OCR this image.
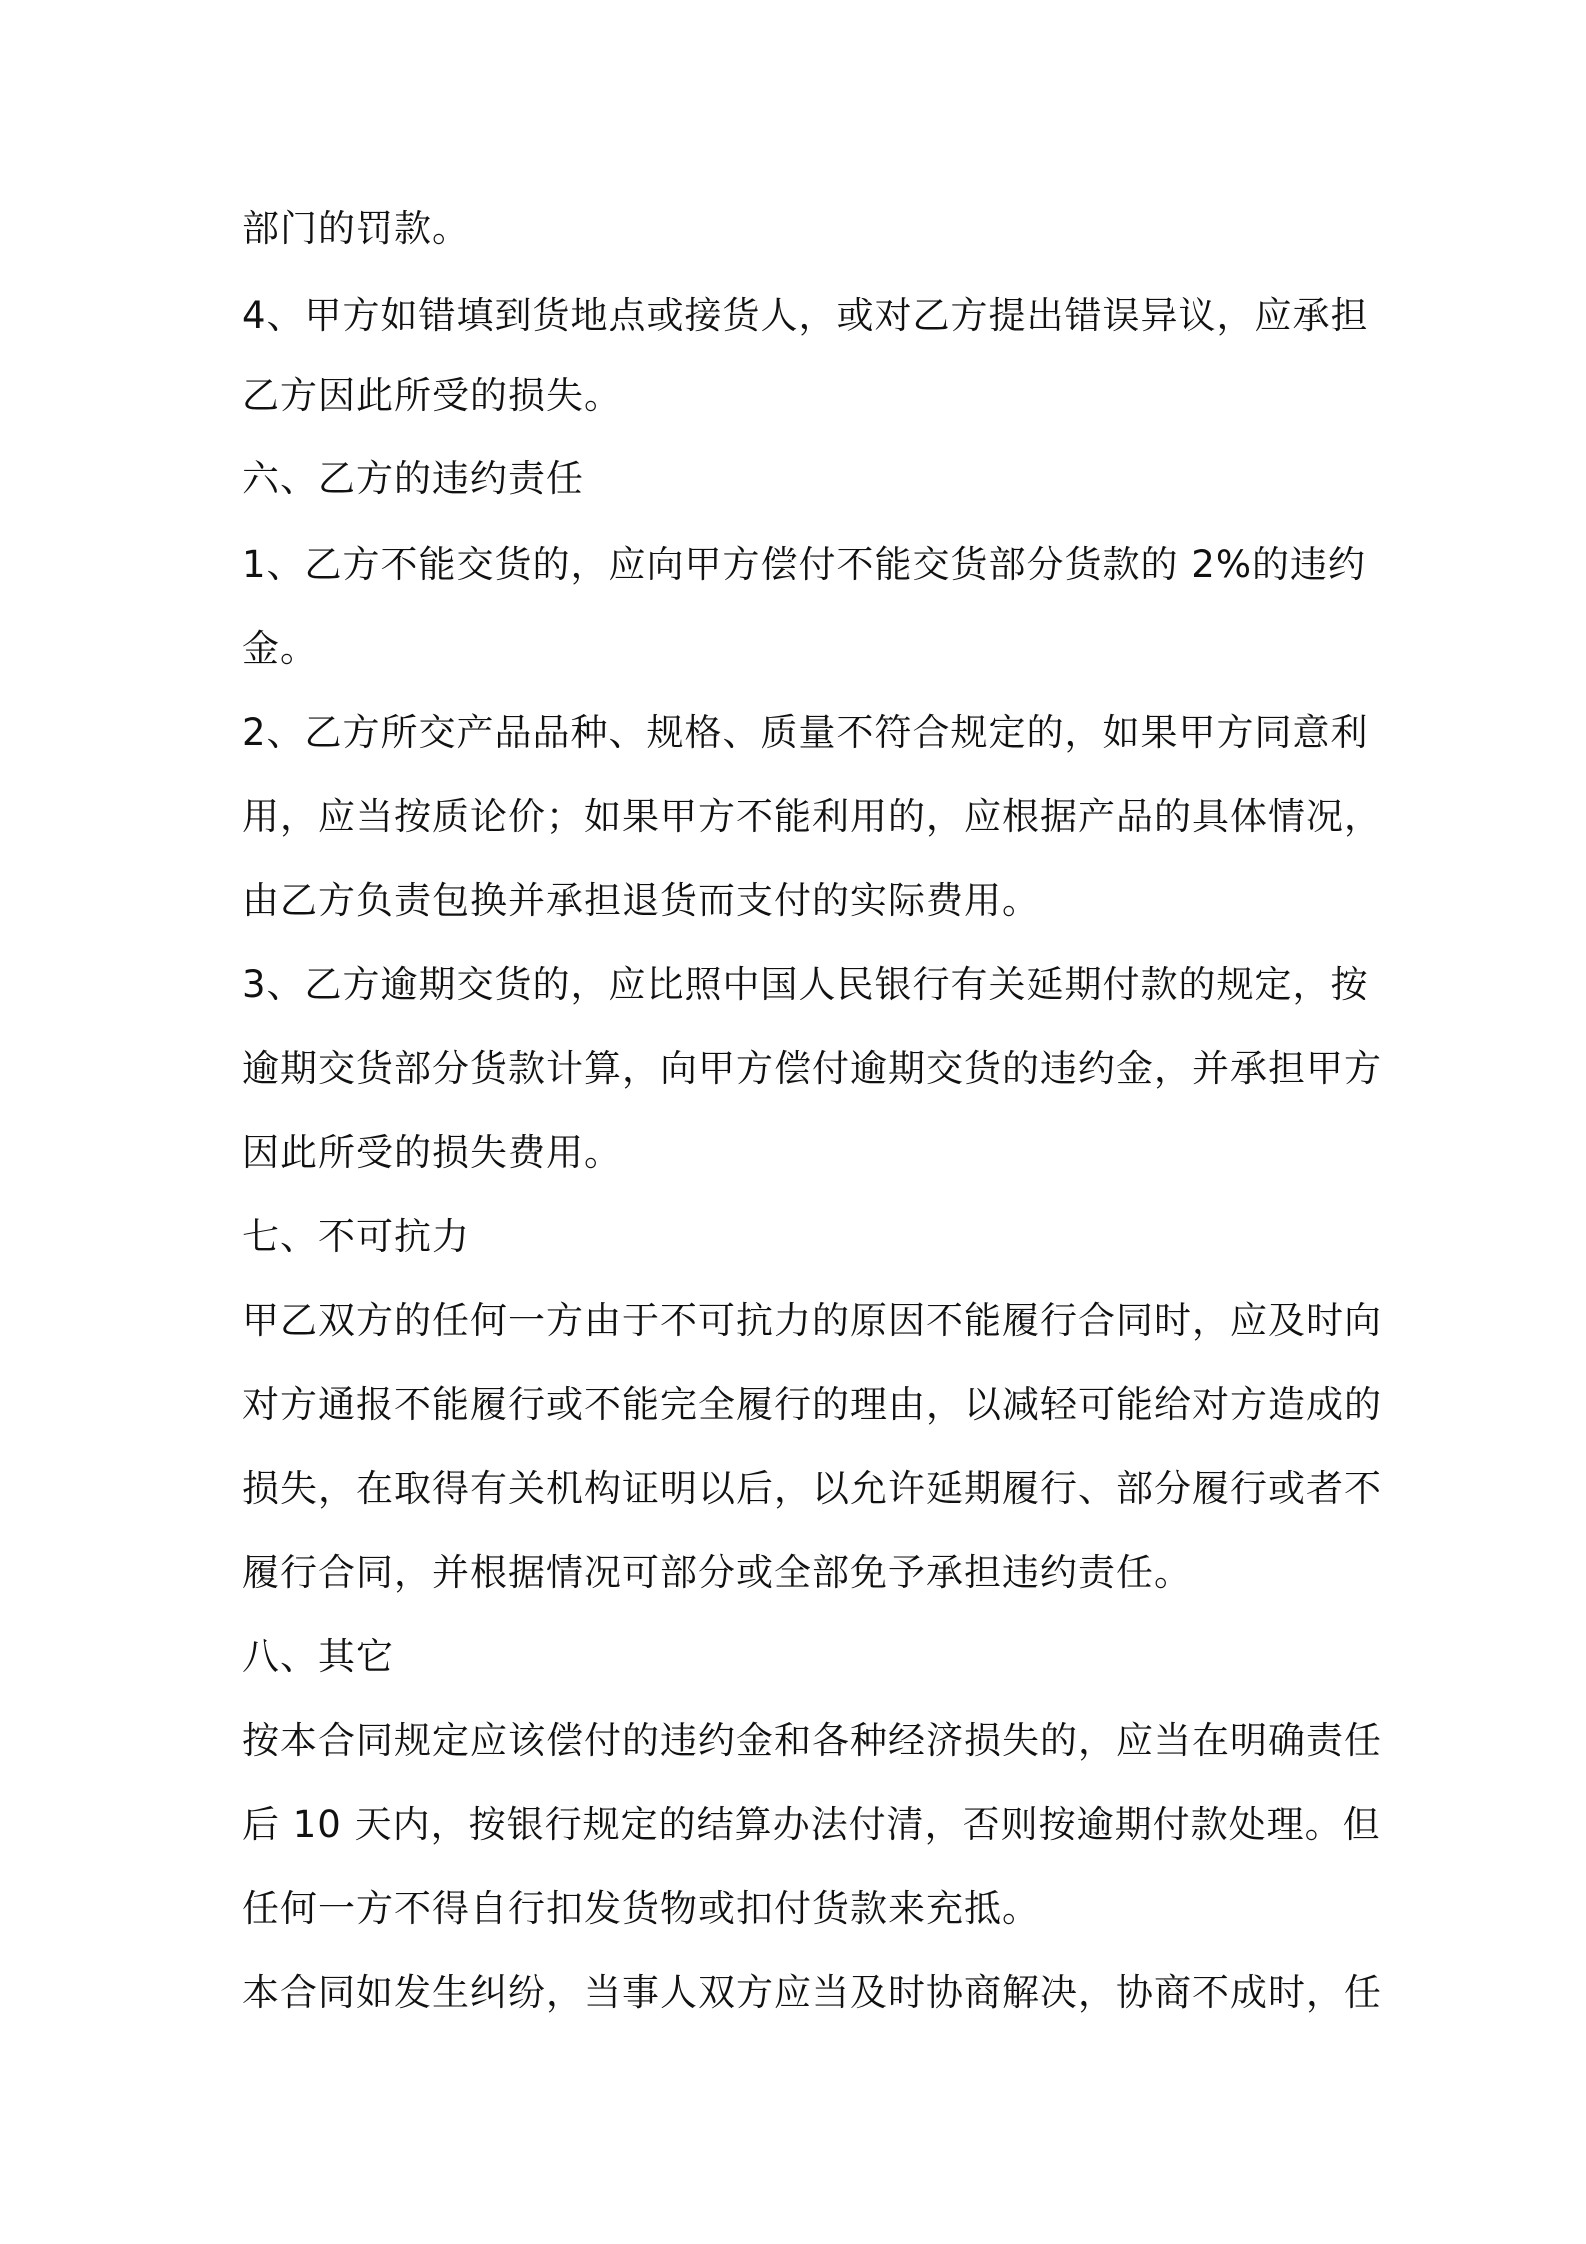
部门的罚款。
4、甲方如错填到货地点或接货人，或对乙方提出错误异议，应承担
乙方因此所受的损失。
六、乙方的违约责任
1、乙方不能交货的，应向甲方偿付不能交货部分货款的 2%的违约
金。
2、乙方所交产品品种、规格、质量不符合规定的，如果甲方同意利
用，应当按质论价；如果甲方不能利用的，应根据产品的具体情况，
由乙方负责包换并承担退货而支付的实际费用。
3、乙方逾期交货的，应比照中国人民银行有关延期付款的规定，按
逾期交货部分货款计算，向甲方偿付逾期交货的违约金，并承担甲方
因此所受的损失费用。
七、不可抗力
甲乙双方的任何一方由于不可抗力的原因不能履行合同时，应及时向
对方通报不能履行或不能完全履行的理由，以减轻可能给对方造成的
损失，在取得有关机构证明以后，以允许延期履行、部分履行或者不
履行合同，并根据情况可部分或全部免予承担违约责任。
八、其它
按本合同规定应该偿付的违约金和各种经济损失的，应当在明确责任
后 10 天内，按银行规定的结算办法付清，否则按逾期付款处理。但
任何一方不得自行扣发货物或扣付货款来充抵。
本合同如发生纠纷，当事人双方应当及时协商解决，协商不成时，任
